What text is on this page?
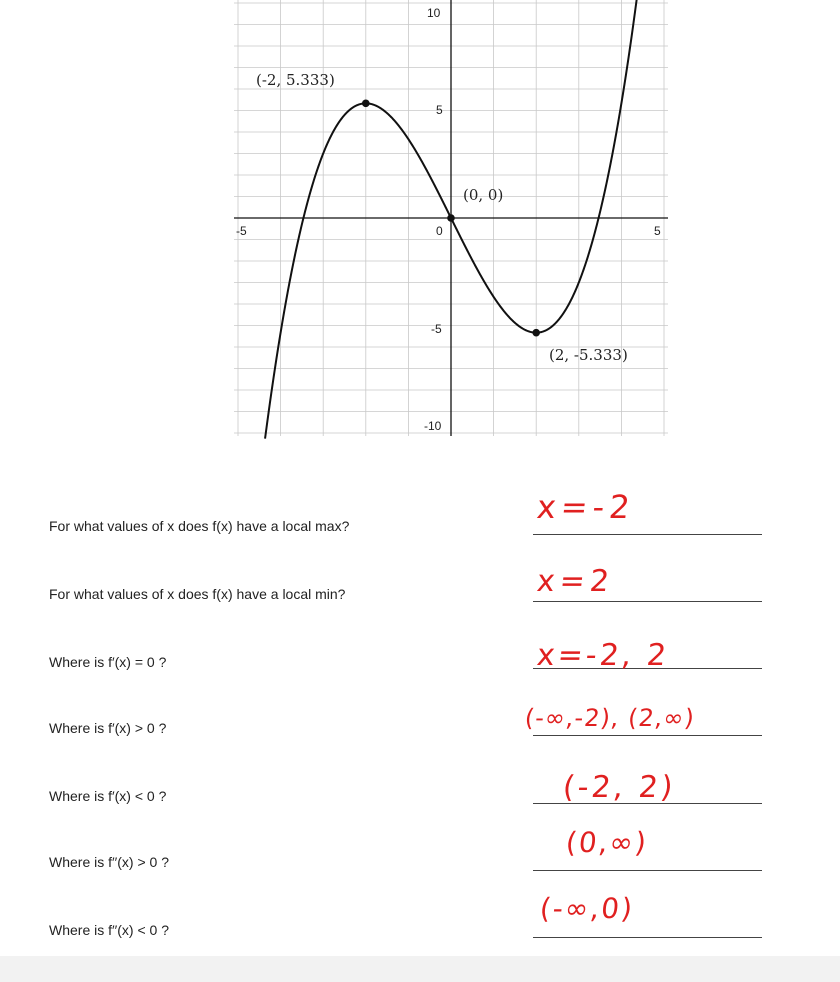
-5	0	5
10
5
-5
-10
(-2, 5.333)
(0, 0)
(2, -5.333)
For what values of x does f(x) have a local max?
For what values of x does f(x) have a local min?
Where is f′(x) = 0 ?
Where is f′(x) > 0 ?
Where is f′(x) < 0 ?
Where is f′′(x) > 0 ?
Where is f′′(x) < 0 ?
x=-2
x=2
x=-2, 2
(-∞,-2), (2,∞)
(-2, 2)
(0,∞)
(-∞,0)
